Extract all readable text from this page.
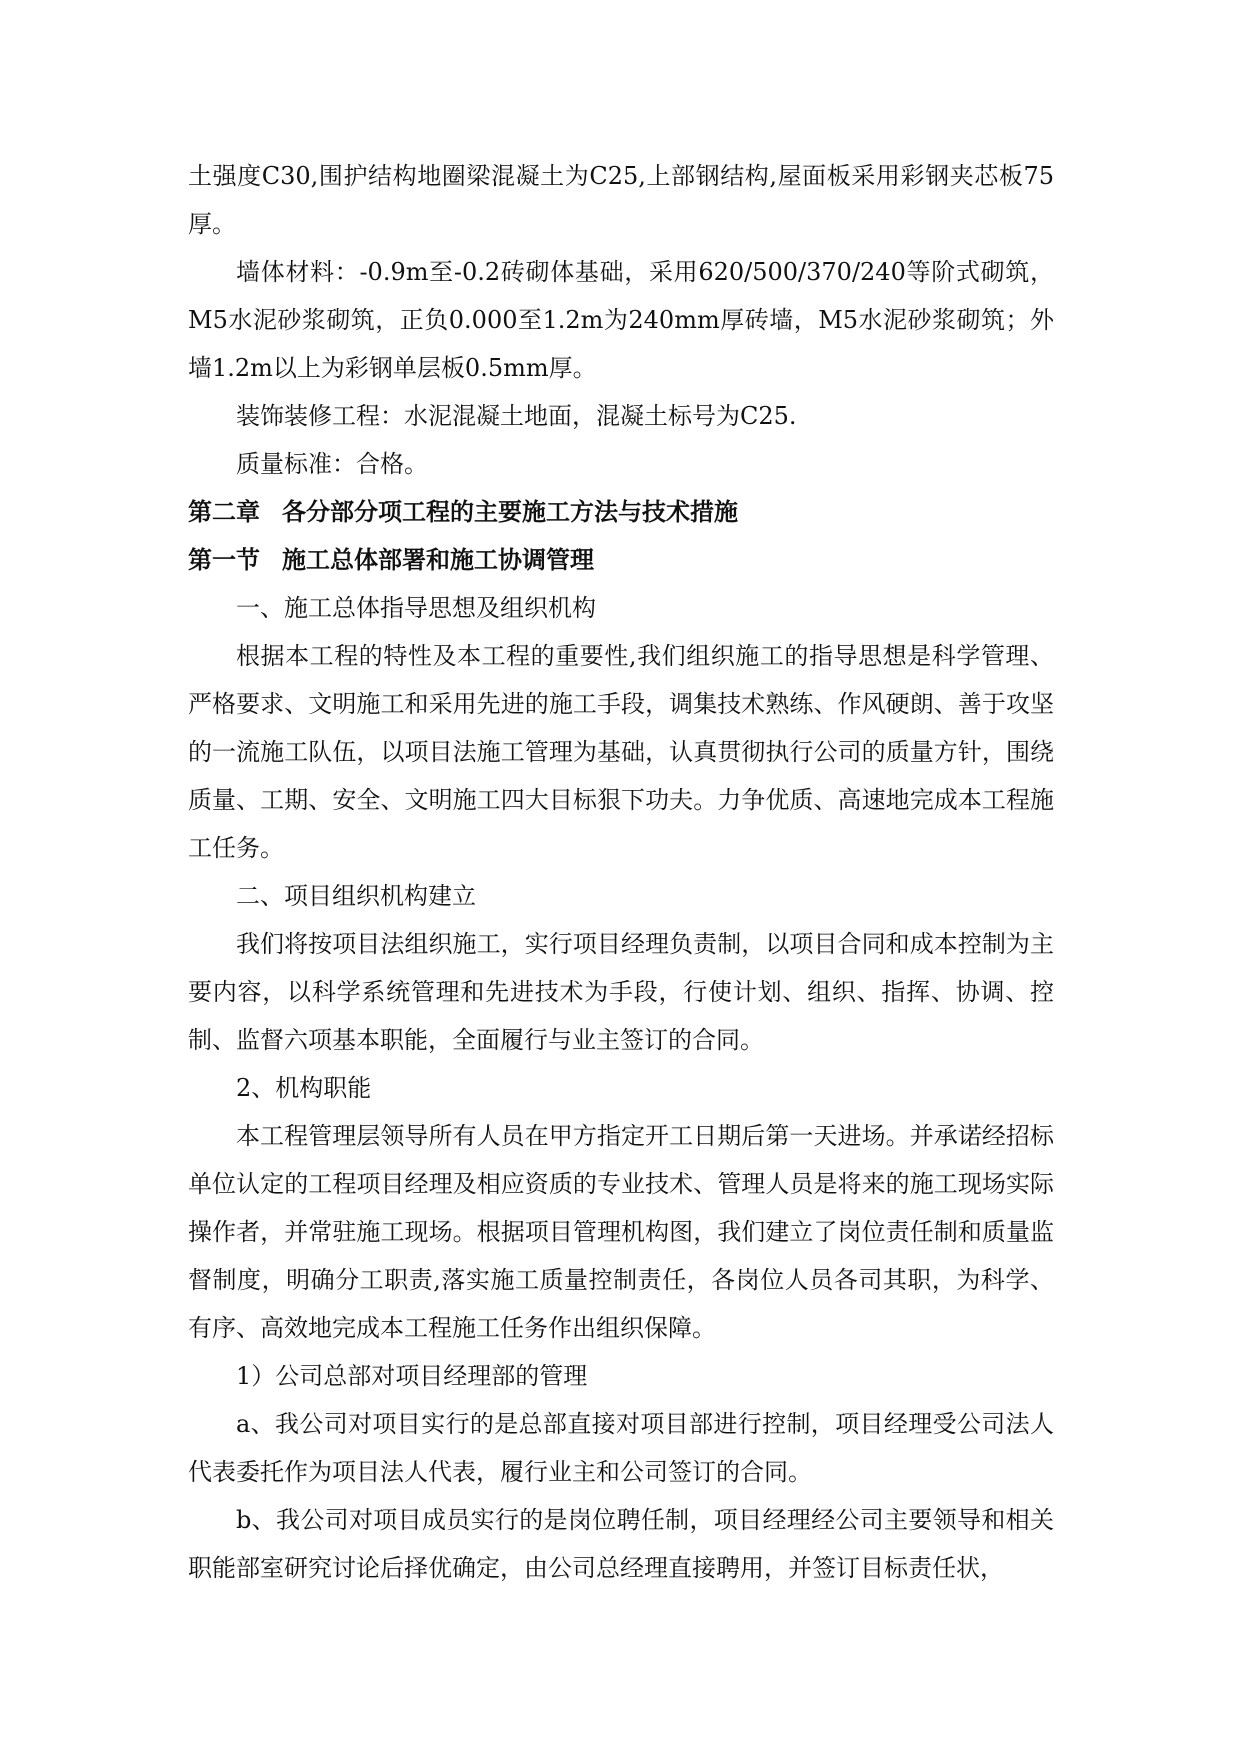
土强度C30,围护结构地圈梁混凝土为C25,上部钢结构,屋面板采用彩钢夹芯板75厚。

墙体材料：-0.9m至-0.2砖砌体基础，采用620/500/370/240等阶式砌筑，M5水泥砂浆砌筑，正负0.000至1.2m为240mm厚砖墙，M5水泥砂浆砌筑；外墙1.2m以上为彩钢单层板0.5mm厚。

装饰装修工程：水泥混凝土地面，混凝土标号为C25.

质量标准：合格。

第二章 各分部分项工程的主要施工方法与技术措施

第一节 施工总体部署和施工协调管理

一、施工总体指导思想及组织机构

根据本工程的特性及本工程的重要性,我们组织施工的指导思想是科学管理、严格要求、文明施工和采用先进的施工手段，调集技术熟练、作风硬朗、善于攻坚的一流施工队伍，以项目法施工管理为基础，认真贯彻执行公司的质量方针，围绕质量、工期、安全、文明施工四大目标狠下功夫。力争优质、高速地完成本工程施工任务。

二、项目组织机构建立

我们将按项目法组织施工，实行项目经理负责制，以项目合同和成本控制为主要内容，以科学系统管理和先进技术为手段，行使计划、组织、指挥、协调、控制、监督六项基本职能，全面履行与业主签订的合同。

2、机构职能

本工程管理层领导所有人员在甲方指定开工日期后第一天进场。并承诺经招标单位认定的工程项目经理及相应资质的专业技术、管理人员是将来的施工现场实际操作者，并常驻施工现场。根据项目管理机构图，我们建立了岗位责任制和质量监督制度，明确分工职责,落实施工质量控制责任，各岗位人员各司其职，为科学、有序、高效地完成本工程施工任务作出组织保障。

1）公司总部对项目经理部的管理

a、我公司对项目实行的是总部直接对项目部进行控制，项目经理受公司法人代表委托作为项目法人代表，履行业主和公司签订的合同。

b、我公司对项目成员实行的是岗位聘任制，项目经理经公司主要领导和相关职能部室研究讨论后择优确定，由公司总经理直接聘用，并签订目标责任状，
